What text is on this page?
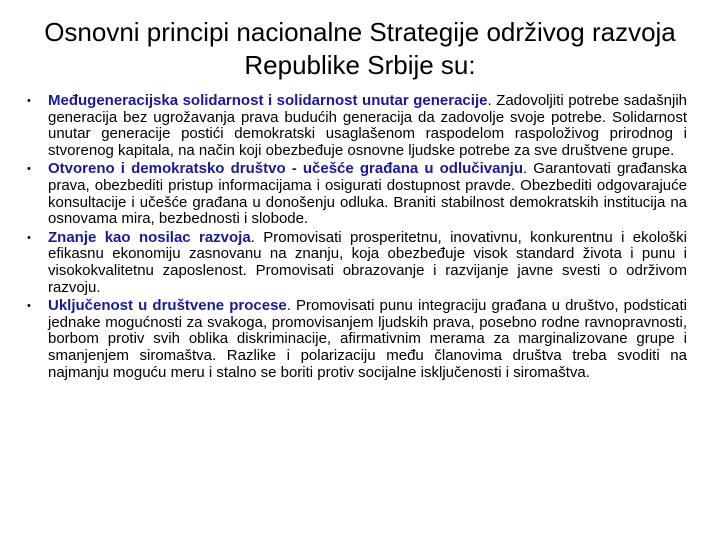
Osnovni principi nacionalne Strategije održivog razvoja Republike Srbije su:
• Međugeneracijska solidarnost i solidarnost unutar generacije. Zadovoljiti potrebe sadašnjih generacija bez ugrožavanja prava budućih generacija da zadovolje svoje potrebe. Solidarnost unutar generacije postići demokratski usaglašenom raspodelom raspoloživog prirodnog i stvorenog kapitala, na način koji obezbeđuje osnovne ljudske potrebe za sve društvene grupe.
• Otvoreno i demokratsko društvo - učešće građana u odlučivanju. Garantovati građanska prava, obezbediti pristup informacijama i osigurati dostupnost pravde. Obezbediti odgovarajuće konsultacije i učešće građana u donošenju odluka. Braniti stabilnost demokratskih institucija na osnovama mira, bezbednosti i slobode.
• Znanje kao nosilac razvoja. Promovisati prosperitetnu, inovativnu, konkurentnu i ekološki efikasnu ekonomiju zasnovanu na znanju, koja obezbeđuje visok standard života i punu i visokokvalitetnu zaposlenost. Promovisati obrazovanje i razvijanje javne svesti o održivom razvoju.
• Uključenost u društvene procese. Promovisati punu integraciju građana u društvo, podsticati jednake mogućnosti za svakoga, promovisanjem ljudskih prava, posebno rodne ravnopravnosti, borbom protiv svih oblika diskriminacije, afirmativnim merama za marginalizovane grupe i smanjenjem siromaštva. Razlike i polarizaciju među članovima društva treba svoditi na najmanju moguću meru i stalno se boriti protiv socijalne isključenosti i siromaštva.
